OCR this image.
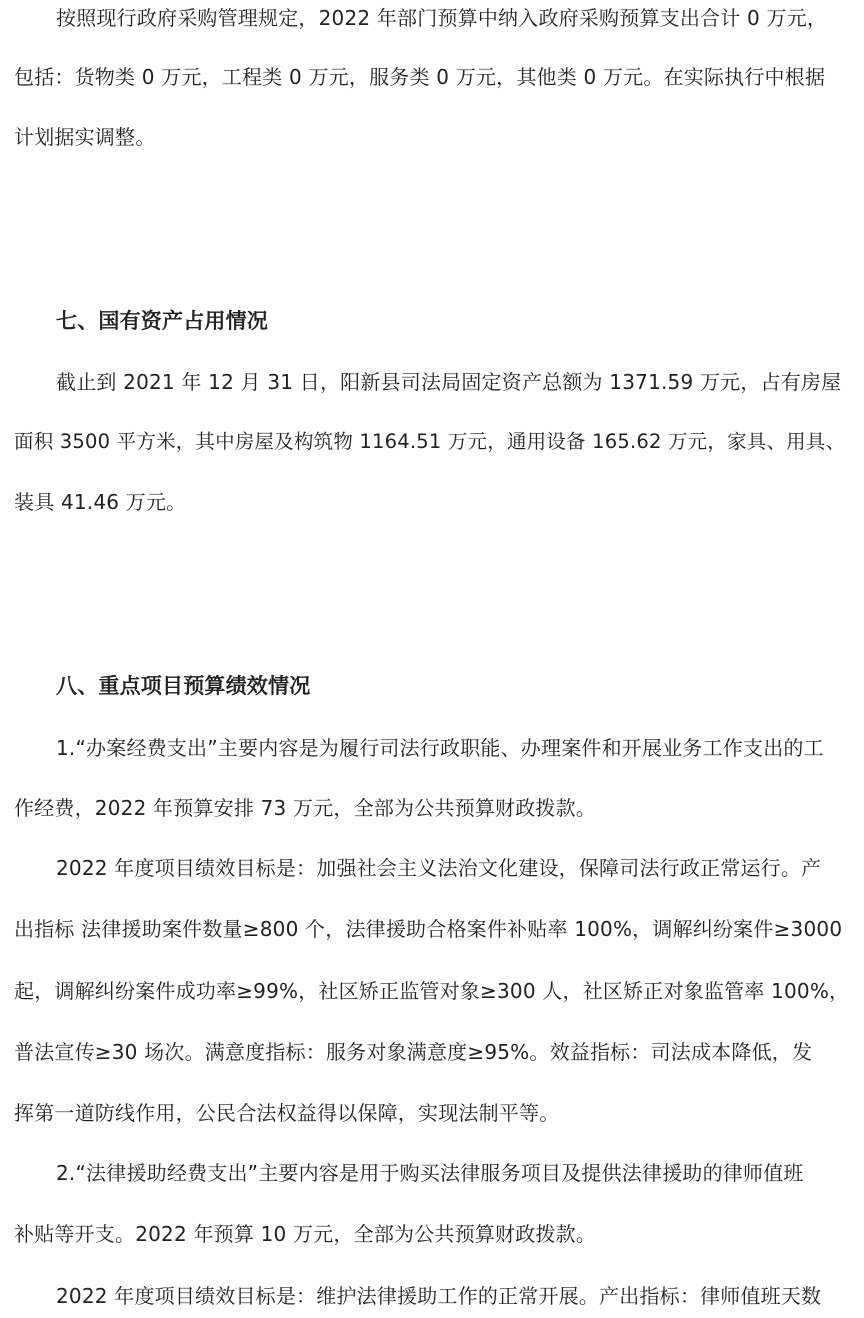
按照现行政府采购管理规定，2022 年部门预算中纳入政府采购预算支出合计 0 万元，

包括：货物类 0 万元，工程类 0 万元，服务类 0 万元，其他类 0 万元。在实际执行中根据

计划据实调整。

七、国有资产占用情况

截止到 2021 年 12 月 31 日，阳新县司法局固定资产总额为 1371.59 万元，占有房屋

面积 3500 平方米，其中房屋及构筑物 1164.51 万元，通用设备 165.62 万元，家具、用具、

装具 41.46 万元。

八、重点项目预算绩效情况

1.“办案经费支出”主要内容是为履行司法行政职能、办理案件和开展业务工作支出的工

作经费，2022 年预算安排 73 万元，全部为公共预算财政拨款。

2022 年度项目绩效目标是：加强社会主义法治文化建设，保障司法行政正常运行。产

出指标 法律援助案件数量≥800 个，法律援助合格案件补贴率 100%，调解纠纷案件≥3000

起，调解纠纷案件成功率≥99%，社区矫正监管对象≥300 人，社区矫正对象监管率 100%，

普法宣传≥30 场次。满意度指标：服务对象满意度≥95%。效益指标：司法成本降低，发

挥第一道防线作用，公民合法权益得以保障，实现法制平等。

2.“法律援助经费支出”主要内容是用于购买法律服务项目及提供法律援助的律师值班

补贴等开支。2022 年预算 10 万元，全部为公共预算财政拨款。

2022 年度项目绩效目标是：维护法律援助工作的正常开展。产出指标：律师值班天数
